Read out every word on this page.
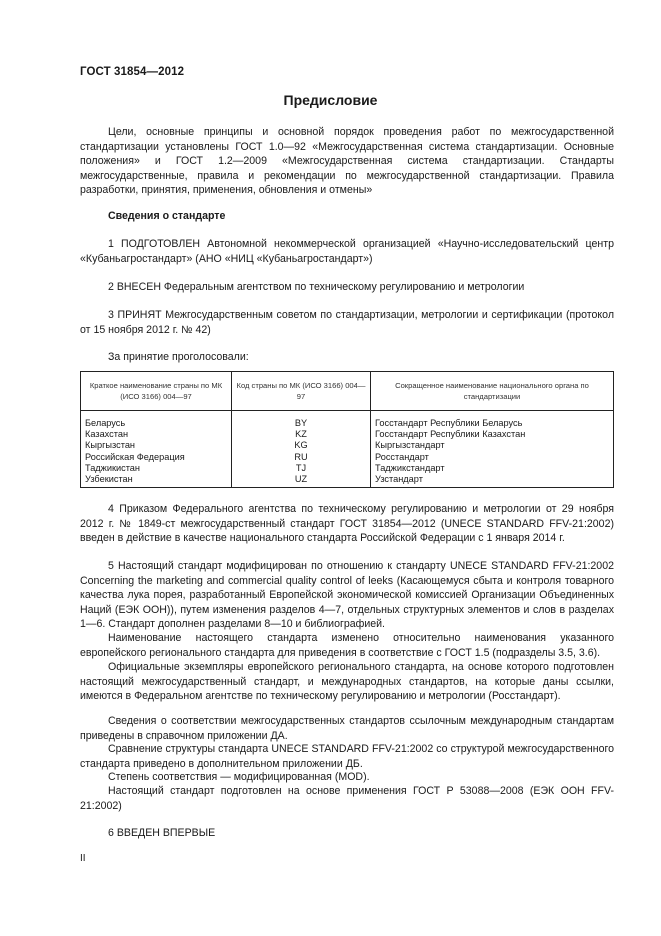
ГОСТ 31854—2012
Предисловие

Цели, основные принципы и основной порядок проведения работ по межгосударственной стандартизации установлены ГОСТ 1.0—92 «Межгосударственная система стандартизации. Основные положения» и ГОСТ 1.2—2009 «Межгосударственная система стандартизации. Стандарты межгосударственные, правила и рекомендации по межгосударственной стандартизации. Правила разработки, принятия, применения, обновления и отмены»

Сведения о стандарте

1 ПОДГОТОВЛЕН Автономной некоммерческой организацией «Научно-исследовательский центр «Кубаньагростандарт» (АНО «НИЦ «Кубаньагростандарт»)

2 ВНЕСЕН Федеральным агентством по техническому регулированию и метрологии

3 ПРИНЯТ Межгосударственным советом по стандартизации, метрологии и сертификации (протокол от 15 ноября 2012 г. № 42)

За принятие проголосовали:

Краткое наименование страны по МК (ИСО 3166) 004—97	Код страны по МК (ИСО 3166) 004—97	Сокращенное наименование национального органа по стандартизации
Беларусь	BY	Госстандарт Республики Беларусь
Казахстан	KZ	Госстандарт Республики Казахстан
Кыргызстан	KG	Кыргызстандарт
Российская Федерация	RU	Росстандарт
Таджикистан	TJ	Таджикстандарт
Узбекистан	UZ	Узстандарт

4 Приказом Федерального агентства по техническому регулированию и метрологии от 29 ноября 2012 г. № 1849-ст межгосударственный стандарт ГОСТ 31854—2012 (UNECE STANDARD FFV-21:2002) введен в действие в качестве национального стандарта Российской Федерации с 1 января 2014 г.

5 Настоящий стандарт модифицирован по отношению к стандарту UNECE STANDARD FFV-21:2002 Concerning the marketing and commercial quality control of leeks (Касающемуся сбыта и контроля товарного качества лука порея, разработанный Европейской экономической комиссией Организации Объединенных Наций (ЕЭК ООН)), путем изменения разделов 4—7, отдельных структурных элементов и слов в разделах 1—6. Стандарт дополнен разделами 8—10 и библиографией.

Наименование настоящего стандарта изменено относительно наименования указанного европейского регионального стандарта для приведения в соответствие с ГОСТ 1.5 (подразделы 3.5, 3.6).

Официальные экземпляры европейского регионального стандарта, на основе которого подготовлен настоящий межгосударственный стандарт, и международных стандартов, на которые даны ссылки, имеются в Федеральном агентстве по техническому регулированию и метрологии (Росстандарт).

Сведения о соответствии межгосударственных стандартов ссылочным международным стандартам приведены в справочном приложении ДА.

Сравнение структуры стандарта UNECE STANDARD FFV-21:2002 со структурой межгосударственного стандарта приведено в дополнительном приложении ДБ.

Степень соответствия — модифицированная (MOD).

Настоящий стандарт подготовлен на основе применения ГОСТ Р 53088—2008 (ЕЭК ООН FFV-21:2002)

6 ВВЕДЕН ВПЕРВЫЕ

II
